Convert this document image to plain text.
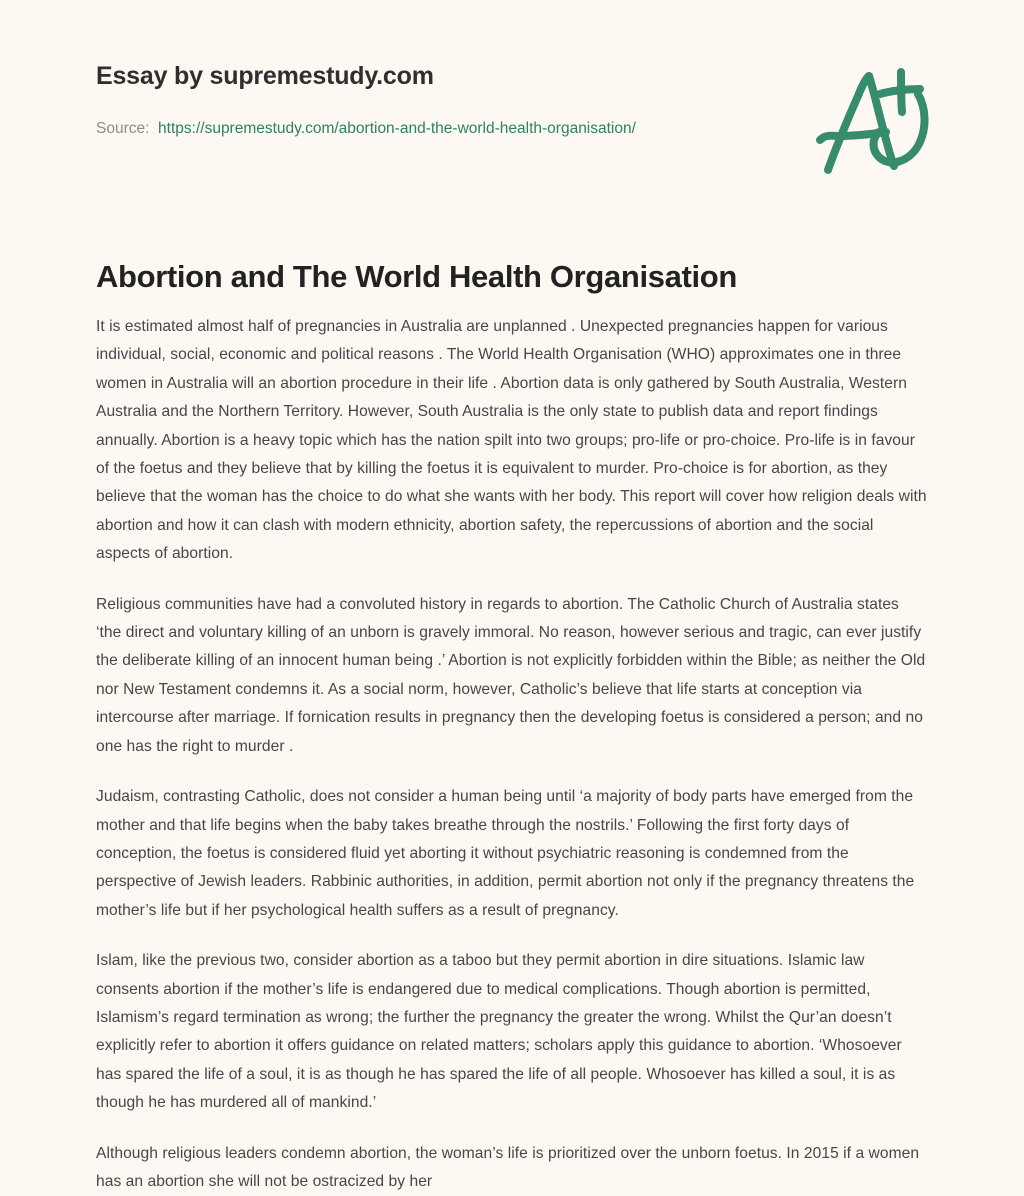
Essay by supremestudy.com
Source: https://supremestudy.com/abortion-and-the-world-health-organisation/
Abortion and The World Health Organisation

It is estimated almost half of pregnancies in Australia are unplanned . Unexpected pregnancies happen for various individual, social, economic and political reasons . The World Health Organisation (WHO) approximates one in three women in Australia will an abortion procedure in their life . Abortion data is only gathered by South Australia, Western Australia and the Northern Territory. However, South Australia is the only state to publish data and report findings annually. Abortion is a heavy topic which has the nation spilt into two groups; pro-life or pro-choice. Pro-life is in favour of the foetus and they believe that by killing the foetus it is equivalent to murder. Pro-choice is for abortion, as they believe that the woman has the choice to do what she wants with her body. This report will cover how religion deals with abortion and how it can clash with modern ethnicity, abortion safety, the repercussions of abortion and the social aspects of abortion.

Religious communities have had a convoluted history in regards to abortion. The Catholic Church of Australia states ‘the direct and voluntary killing of an unborn is gravely immoral. No reason, however serious and tragic, can ever justify the deliberate killing of an innocent human being .’ Abortion is not explicitly forbidden within the Bible; as neither the Old nor New Testament condemns it. As a social norm, however, Catholic’s believe that life starts at conception via intercourse after marriage. If fornication results in pregnancy then the developing foetus is considered a person; and no one has the right to murder .

Judaism, contrasting Catholic, does not consider a human being until ‘a majority of body parts have emerged from the mother and that life begins when the baby takes breathe through the nostrils.’ Following the first forty days of conception, the foetus is considered fluid yet aborting it without psychiatric reasoning is condemned from the perspective of Jewish leaders. Rabbinic authorities, in addition, permit abortion not only if the pregnancy threatens the mother’s life but if her psychological health suffers as a result of pregnancy.

Islam, like the previous two, consider abortion as a taboo but they permit abortion in dire situations. Islamic law consents abortion if the mother’s life is endangered due to medical complications. Though abortion is permitted, Islamism’s regard termination as wrong; the further the pregnancy the greater the wrong. Whilst the Qur’an doesn’t explicitly refer to abortion it offers guidance on related matters; scholars apply this guidance to abortion. ‘Whosoever has spared the life of a soul, it is as though he has spared the life of all people. Whosoever has killed a soul, it is as though he has murdered all of mankind.’

Although religious leaders condemn abortion, the woman’s life is prioritized over the unborn foetus. In 2015 if a women has an abortion she will not be ostracized by her
